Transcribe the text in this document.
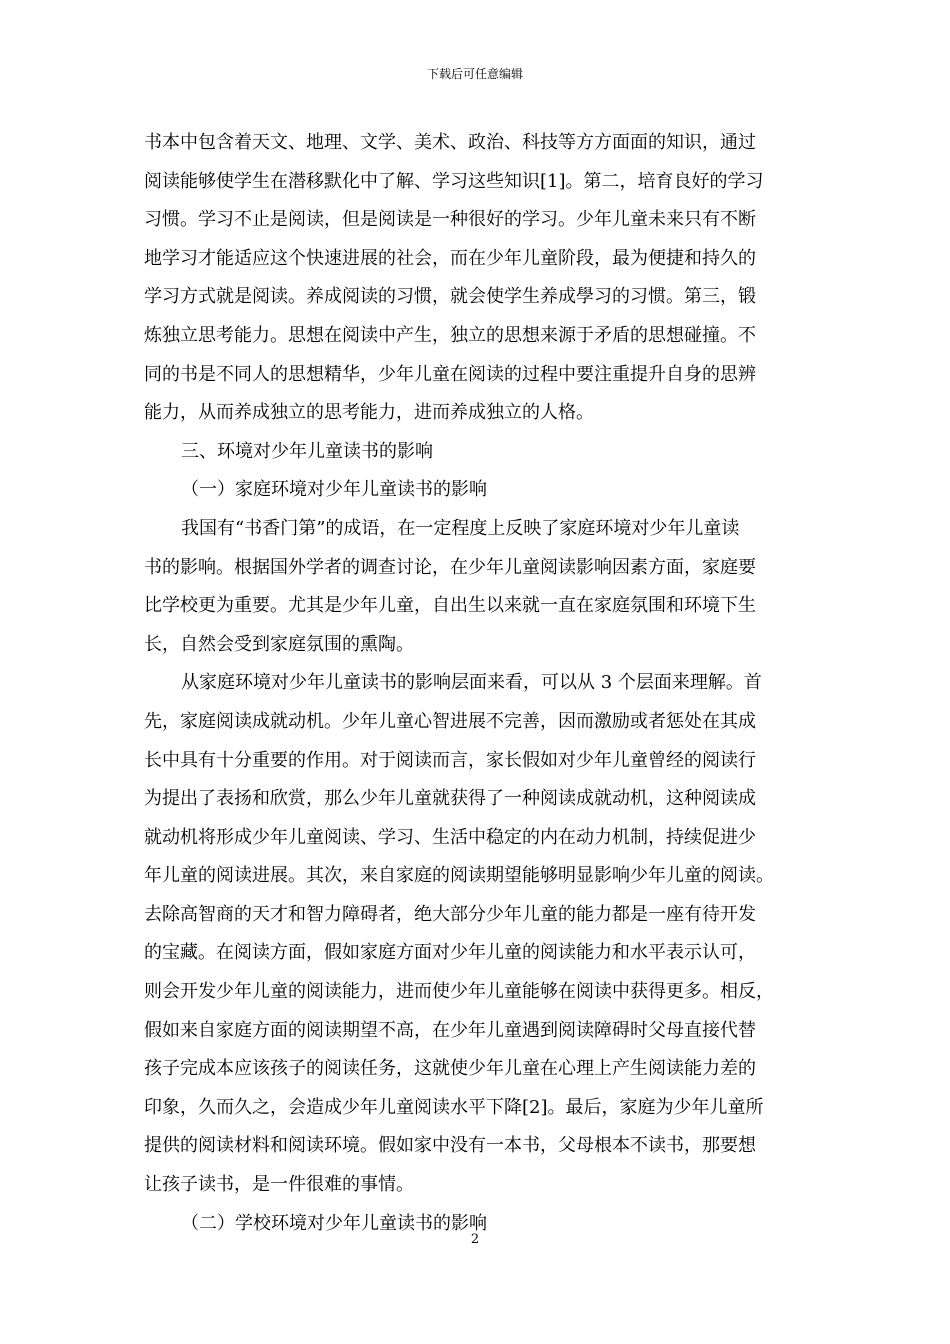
下载后可任意编辑
书本中包含着天文、地理、文学、美术、政治、科技等方方面面的知识，通过
阅读能够使学生在潜移默化中了解、学习这些知识[1]。第二，培育良好的学习
习惯。学习不止是阅读，但是阅读是一种很好的学习。少年儿童未来只有不断
地学习才能适应这个快速进展的社会，而在少年儿童阶段，最为便捷和持久的
学习方式就是阅读。养成阅读的习惯，就会使学生养成學习的习惯。第三，锻
炼独立思考能力。思想在阅读中产生，独立的思想来源于矛盾的思想碰撞。不
同的书是不同人的思想精华，少年儿童在阅读的过程中要注重提升自身的思辨
能力，从而养成独立的思考能力，进而养成独立的人格。
三、环境对少年儿童读书的影响
（一）家庭环境对少年儿童读书的影响
我国有“书香门第”的成语，在一定程度上反映了家庭环境对少年儿童读
书的影响。根据国外学者的调查讨论，在少年儿童阅读影响因素方面，家庭要
比学校更为重要。尤其是少年儿童，自出生以来就一直在家庭氛围和环境下生
长，自然会受到家庭氛围的熏陶。
从家庭环境对少年儿童读书的影响层面来看，可以从 3 个层面来理解。首
先，家庭阅读成就动机。少年儿童心智进展不完善，因而激励或者惩处在其成
长中具有十分重要的作用。对于阅读而言，家长假如对少年儿童曾经的阅读行
为提出了表扬和欣赏，那么少年儿童就获得了一种阅读成就动机，这种阅读成
就动机将形成少年儿童阅读、学习、生活中稳定的内在动力机制，持续促进少
年儿童的阅读进展。其次，来自家庭的阅读期望能够明显影响少年儿童的阅读。
去除高智商的天才和智力障碍者，绝大部分少年儿童的能力都是一座有待开发
的宝藏。在阅读方面，假如家庭方面对少年儿童的阅读能力和水平表示认可，
则会开发少年儿童的阅读能力，进而使少年儿童能够在阅读中获得更多。相反，
假如来自家庭方面的阅读期望不高，在少年儿童遇到阅读障碍时父母直接代替
孩子完成本应该孩子的阅读任务，这就使少年儿童在心理上产生阅读能力差的
印象，久而久之，会造成少年儿童阅读水平下降[2]。最后，家庭为少年儿童所
提供的阅读材料和阅读环境。假如家中没有一本书，父母根本不读书，那要想
让孩子读书，是一件很难的事情。
（二）学校环境对少年儿童读书的影响
2
